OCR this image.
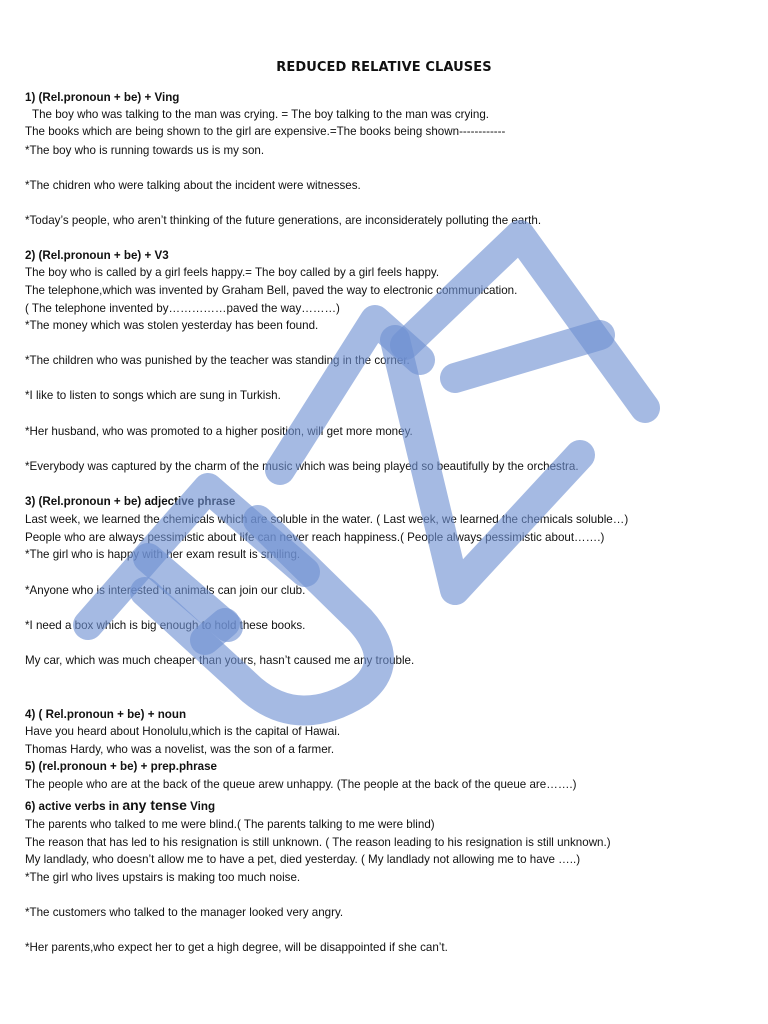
REDUCED RELATIVE CLAUSES
1) (Rel.pronoun + be) + Ving
The boy who was talking to the man was crying. = The boy talking to the man was crying.
The books which are being shown to the girl are expensive.=The books being shown------------
*The boy who is running towards us is my son.
*The chidren who were talking about the incident were witnesses.
*Today’s people, who aren’t thinking of the future generations, are inconsiderately polluting the earth.
2) (Rel.pronoun + be) + V3
The boy who is called by a girl feels happy.= The boy called by a girl feels happy.
The telephone,which was invented by Graham Bell, paved the way to electronic communication.
( The telephone invented by……………paved the way………)
*The money which was stolen yesterday has been found.
*The children who was punished by the teacher was standing in the corner.
*I like to listen to songs which are sung in Turkish.
*Her husband, who was promoted to a higher position, will get more money.
*Everybody was captured by the charm of the music which was being played so beautifully by the orchestra.
3) (Rel.pronoun + be) adjective phrase
Last week, we learned the chemicals which are soluble in the water. ( Last week, we learned the chemicals soluble…)
People who are always pessimistic about life can never reach happiness.( People always pessimistic about…….)
*The girl who is happy with her exam result is smiling.
*Anyone who is interested in animals can join our club.
*I need a box which is big enough to hold these books.
My car, which was much cheaper than yours, hasn’t caused me any trouble.
4) ( Rel.pronoun + be) + noun
Have you heard about Honolulu,which is the capital of Hawai.
Thomas Hardy, who was a novelist, was the son of a farmer.
5) (rel.pronoun + be) + prep.phrase
The people who are at the back of the queue arew unhappy. (The people at the back of the queue are…….)
6) active verbs in any tense Ving
The parents who talked to me were blind.( The parents talking to me were blind)
The reason that has led to his resignation is still unknown. ( The reason leading to his resignation is still unknown.)
My landlady, who doesn’t allow me to have a pet, died yesterday. ( My landlady not allowing me to have …..)
*The girl who lives upstairs is making too much noise.
*The customers who talked to the manager looked very angry.
*Her parents,who expect her to get a high degree, will be disappointed if she can’t.
